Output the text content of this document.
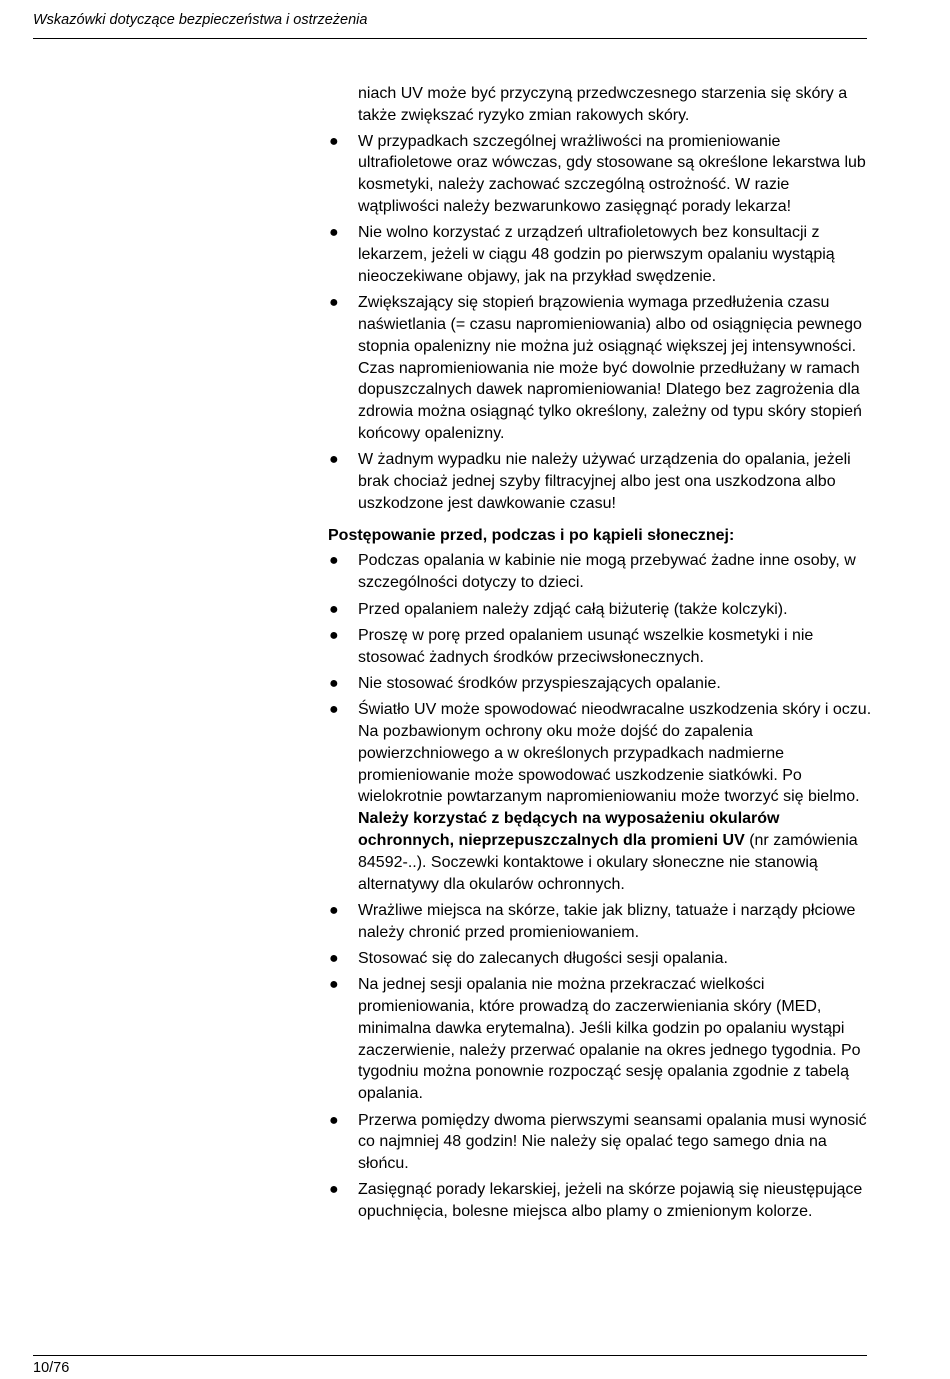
Wskazówki dotyczące bezpieczeństwa i ostrzeżenia

niach UV może być przyczyną przedwczesnego starzenia się skóry a także zwiększać ryzyko zmian rakowych skóry.

● W przypadkach szczególnej wrażliwości na promieniowanie ultrafioletowe oraz wówczas, gdy stosowane są określone lekarstwa lub kosmetyki, należy zachować szczególną ostrożność. W razie wątpliwości należy bezwarunkowo zasięgnąć porady lekarza!
● Nie wolno korzystać z urządzeń ultrafioletowych bez konsultacji z lekarzem, jeżeli w ciągu 48 godzin po pierwszym opalaniu wystąpią nieoczekiwane objawy, jak na przykład swędzenie.
● Zwiększający się stopień brązowienia wymaga przedłużenia czasu naświetlania (= czasu napromieniowania) albo od osiągnięcia pewnego stopnia opalenizny nie można już osiągnąć większej jej intensywności. Czas napromieniowania nie może być dowolnie przedłużany w ramach dopuszczalnych dawek napromieniowania! Dlatego bez zagrożenia dla zdrowia można osiągnąć tylko określony, zależny od typu skóry stopień końcowy opalenizny.
● W żadnym wypadku nie należy używać urządzenia do opalania, jeżeli brak chociaż jednej szyby filtracyjnej albo jest ona uszkodzona albo uszkodzone jest dawkowanie czasu!
Postępowanie przed, podczas i po kąpieli słonecznej:
● Podczas opalania w kabinie nie mogą przebywać żadne inne osoby, w szczególności dotyczy to dzieci.
● Przed opalaniem należy zdjąć całą biżuterię (także kolczyki).
● Proszę w porę przed opalaniem usunąć wszelkie kosmetyki i nie stosować żadnych środków przeciwsłonecznych.
● Nie stosować środków przyspieszających opalanie.
● Światło UV może spowodować nieodwracalne uszkodzenia skóry i oczu. Na pozbawionym ochrony oku może dojść do zapalenia powierzchniowego a w określonych przypadkach nadmierne promieniowanie może spowodować uszkodzenie siatkówki. Po wielokrotnie powtarzanym napromieniowaniu może tworzyć się bielmo. Należy korzystać z będących na wyposażeniu okularów ochronnych, nieprzepuszczalnych dla promieni UV (nr zamówienia 84592-..). Soczewki kontaktowe i okulary słoneczne nie stanowią alternatywy dla okularów ochronnych.
● Wrażliwe miejsca na skórze, takie jak blizny, tatuaże i narządy płciowe należy chronić przed promieniowaniem.
● Stosować się do zalecanych długości sesji opalania.
● Na jednej sesji opalania nie można przekraczać wielkości promieniowania, które prowadzą do zaczerwieniania skóry (MED, minimalna dawka erytemalna). Jeśli kilka godzin po opalaniu wystąpi zaczerwienie, należy przerwać opalanie na okres jednego tygodnia. Po tygodniu można ponownie rozpocząć sesję opalania zgodnie z tabelą opalania.
● Przerwa pomiędzy dwoma pierwszymi seansami opalania musi wynosić co najmniej 48 godzin! Nie należy się opalać tego samego dnia na słońcu.
● Zasięgnąć porady lekarskiej, jeżeli na skórze pojawią się nieustępujące opuchnięcia, bolesne miejsca albo plamy o zmienionym kolorze.
10/76
